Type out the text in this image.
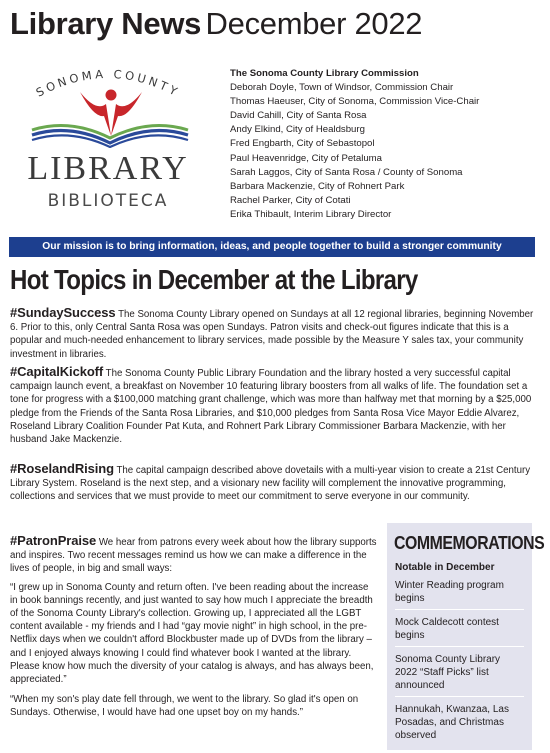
Library News December 2022
SONOMA COUNTY
LIBRARY
BIBLIOTECA
The Sonoma County Library Commission
Deborah Doyle, Town of Windsor, Commission Chair
Thomas Haeuser, City of Sonoma, Commission Vice-Chair
David Cahill, City of Santa Rosa
Andy Elkind, City of Healdsburg
Fred Engbarth, City of Sebastopol
Paul Heavenridge, City of Petaluma
Sarah Laggos, City of Santa Rosa / County of Sonoma
Barbara Mackenzie, City of Rohnert Park
Rachel Parker, City of Cotati
Erika Thibault, Interim Library Director
Our mission is to bring information, ideas, and people together to build a stronger community
Hot Topics in December at the Library
#SundaySuccess The Sonoma County Library opened on Sundays at all 12 regional libraries, beginning November 6. Prior to this, only Central Santa Rosa was open Sundays. Patron visits and check-out figures indicate that this is a popular and much-needed enhancement to library services, made possible by the Measure Y sales tax, your community investment in libraries.
#CapitalKickoff The Sonoma County Public Library Foundation and the library hosted a very successful capital campaign launch event, a breakfast on November 10 featuring library boosters from all walks of life. The foundation set a tone for progress with a $100,000 matching grant challenge, which was more than halfway met that morning by a $25,000 pledge from the Friends of the Santa Rosa Libraries, and $10,000 pledges from Santa Rosa Vice Mayor Eddie Alvarez, Roseland Library Coalition Founder Pat Kuta, and Rohnert Park Library Commissioner Barbara Mackenzie, with her husband Jake Mackenzie.
#RoselandRising The capital campaign described above dovetails with a multi-year vision to create a 21st Century Library System. Roseland is the next step, and a visionary new facility will complement the innovative programming, collections and services that we must provide to meet our commitment to serve everyone in our community.

#PatronPraise We hear from patrons every week about how the library supports and inspires. Two recent messages remind us how we can make a difference in the lives of people, in big and small ways:

“I grew up in Sonoma County and return often. I've been reading about the increase in book bannings recently, and just wanted to say how much I appreciate the breadth of the Sonoma County Library's collection. Growing up, I appreciated all the LGBT content available - my friends and I had “gay movie night” in high school, in the pre-Netflix days when we couldn't afford Blockbuster made up of DVDs from the library – and I enjoyed always knowing I could find whatever book I wanted at the library. Please know how much the diversity of your catalog is always, and has always been, appreciated.”

“When my son's play date fell through, we went to the library. So glad it's open on Sundays. Otherwise, I would have had one upset boy on my hands.”

COMMEMORATIONS
Notable in December
Winter Reading program begins
Mock Caldecott contest begins
Sonoma County Library 2022 “Staff Picks” list announced
Hannukah, Kwanzaa, Las Posadas, and Christmas observed
